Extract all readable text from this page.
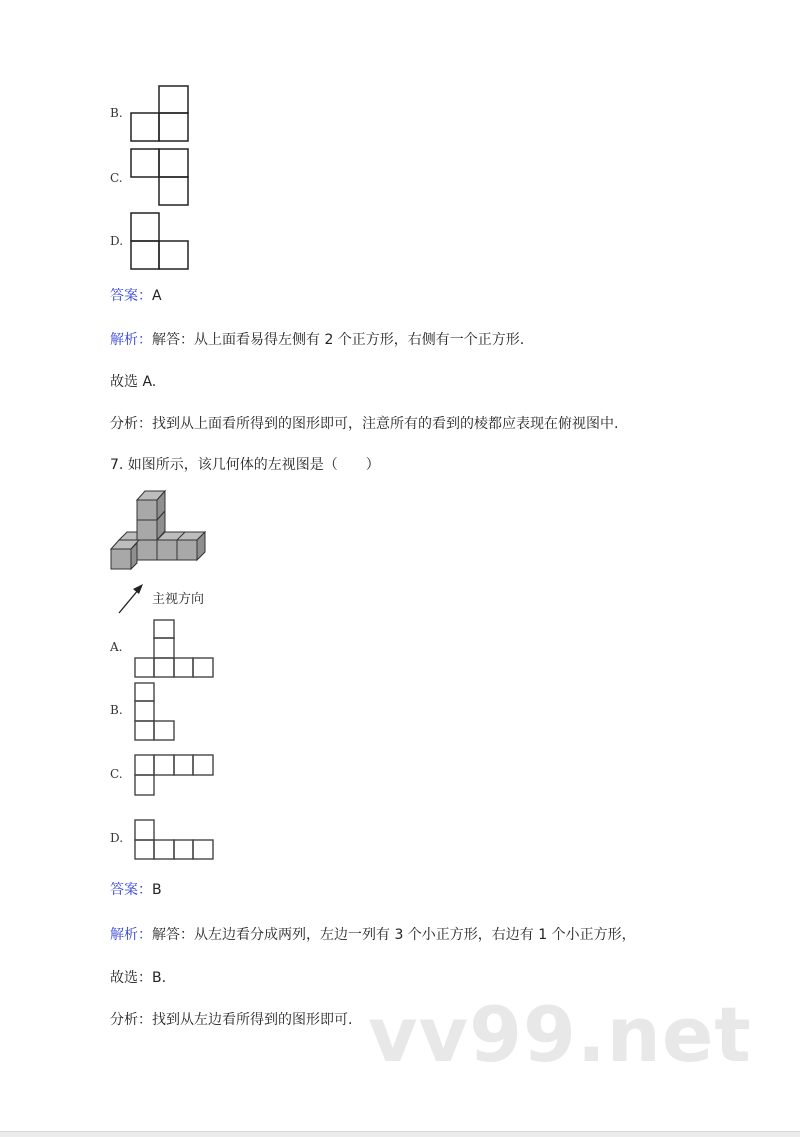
B.
C.
D.
答案：A
解析：解答：从上面看易得左侧有 2 个正方形，右侧有一个正方形.
故选 A.
分析：找到从上面看所得到的图形即可，注意所有的看到的棱都应表现在俯视图中.
7. 如图所示，该几何体的左视图是（　　）
主视方向
A.
B.
C.
D.
答案：B
解析：解答：从左边看分成两列，左边一列有 3 个小正方形，右边有 1 个小正方形，
故选：B.
分析：找到从左边看所得到的图形即可. vv99.net
